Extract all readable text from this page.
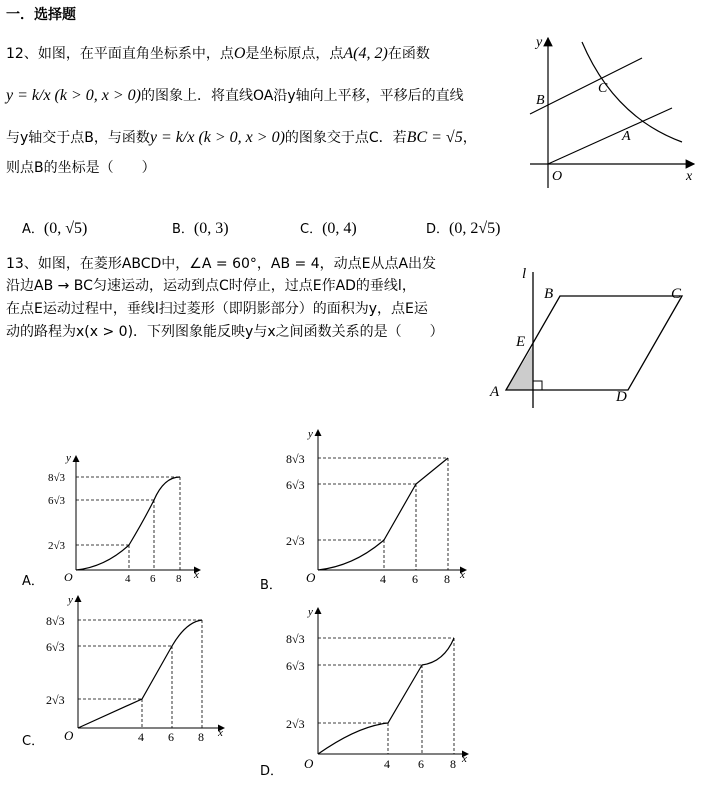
一．选择题
12、如图，在平面直角坐标系中，点O是坐标原点，点A(4, 2)在函数
y = k/x (k > 0, x > 0)的图象上．将直线OA沿y轴向上平移，平移后的直线
与y轴交于点B，与函数y = k/x (k > 0, x > 0)的图象交于点C．若BC = √5，
则点B的坐标是（　　）
A．(0, √5)	B．(0, 3)	C．(0, 4)	D．(0, 2√5)
y
x
O
A
B
C
13、如图，在菱形ABCD中，∠A = 60°，AB = 4，动点E从点A出发
沿边AB → BC匀速运动，运动到点C时停止，过点E作AD的垂线l，
在点E运动过程中，垂线l扫过菱形（即阴影部分）的面积为y，点E运
动的路程为x(x > 0)．下列图象能反映y与x之间函数关系的是（　　）
l
A
B	C
D
E
A．
y
x
O
8√3
6√3
2√3
4 6 8	B．
y
x
O
8√3
6√3
2√3
4 6 8
C．
y
x
O
8√3
6√3
2√3
4 6 8
D．
y
x
O
8√3
6√3
2√3
4 6 8
